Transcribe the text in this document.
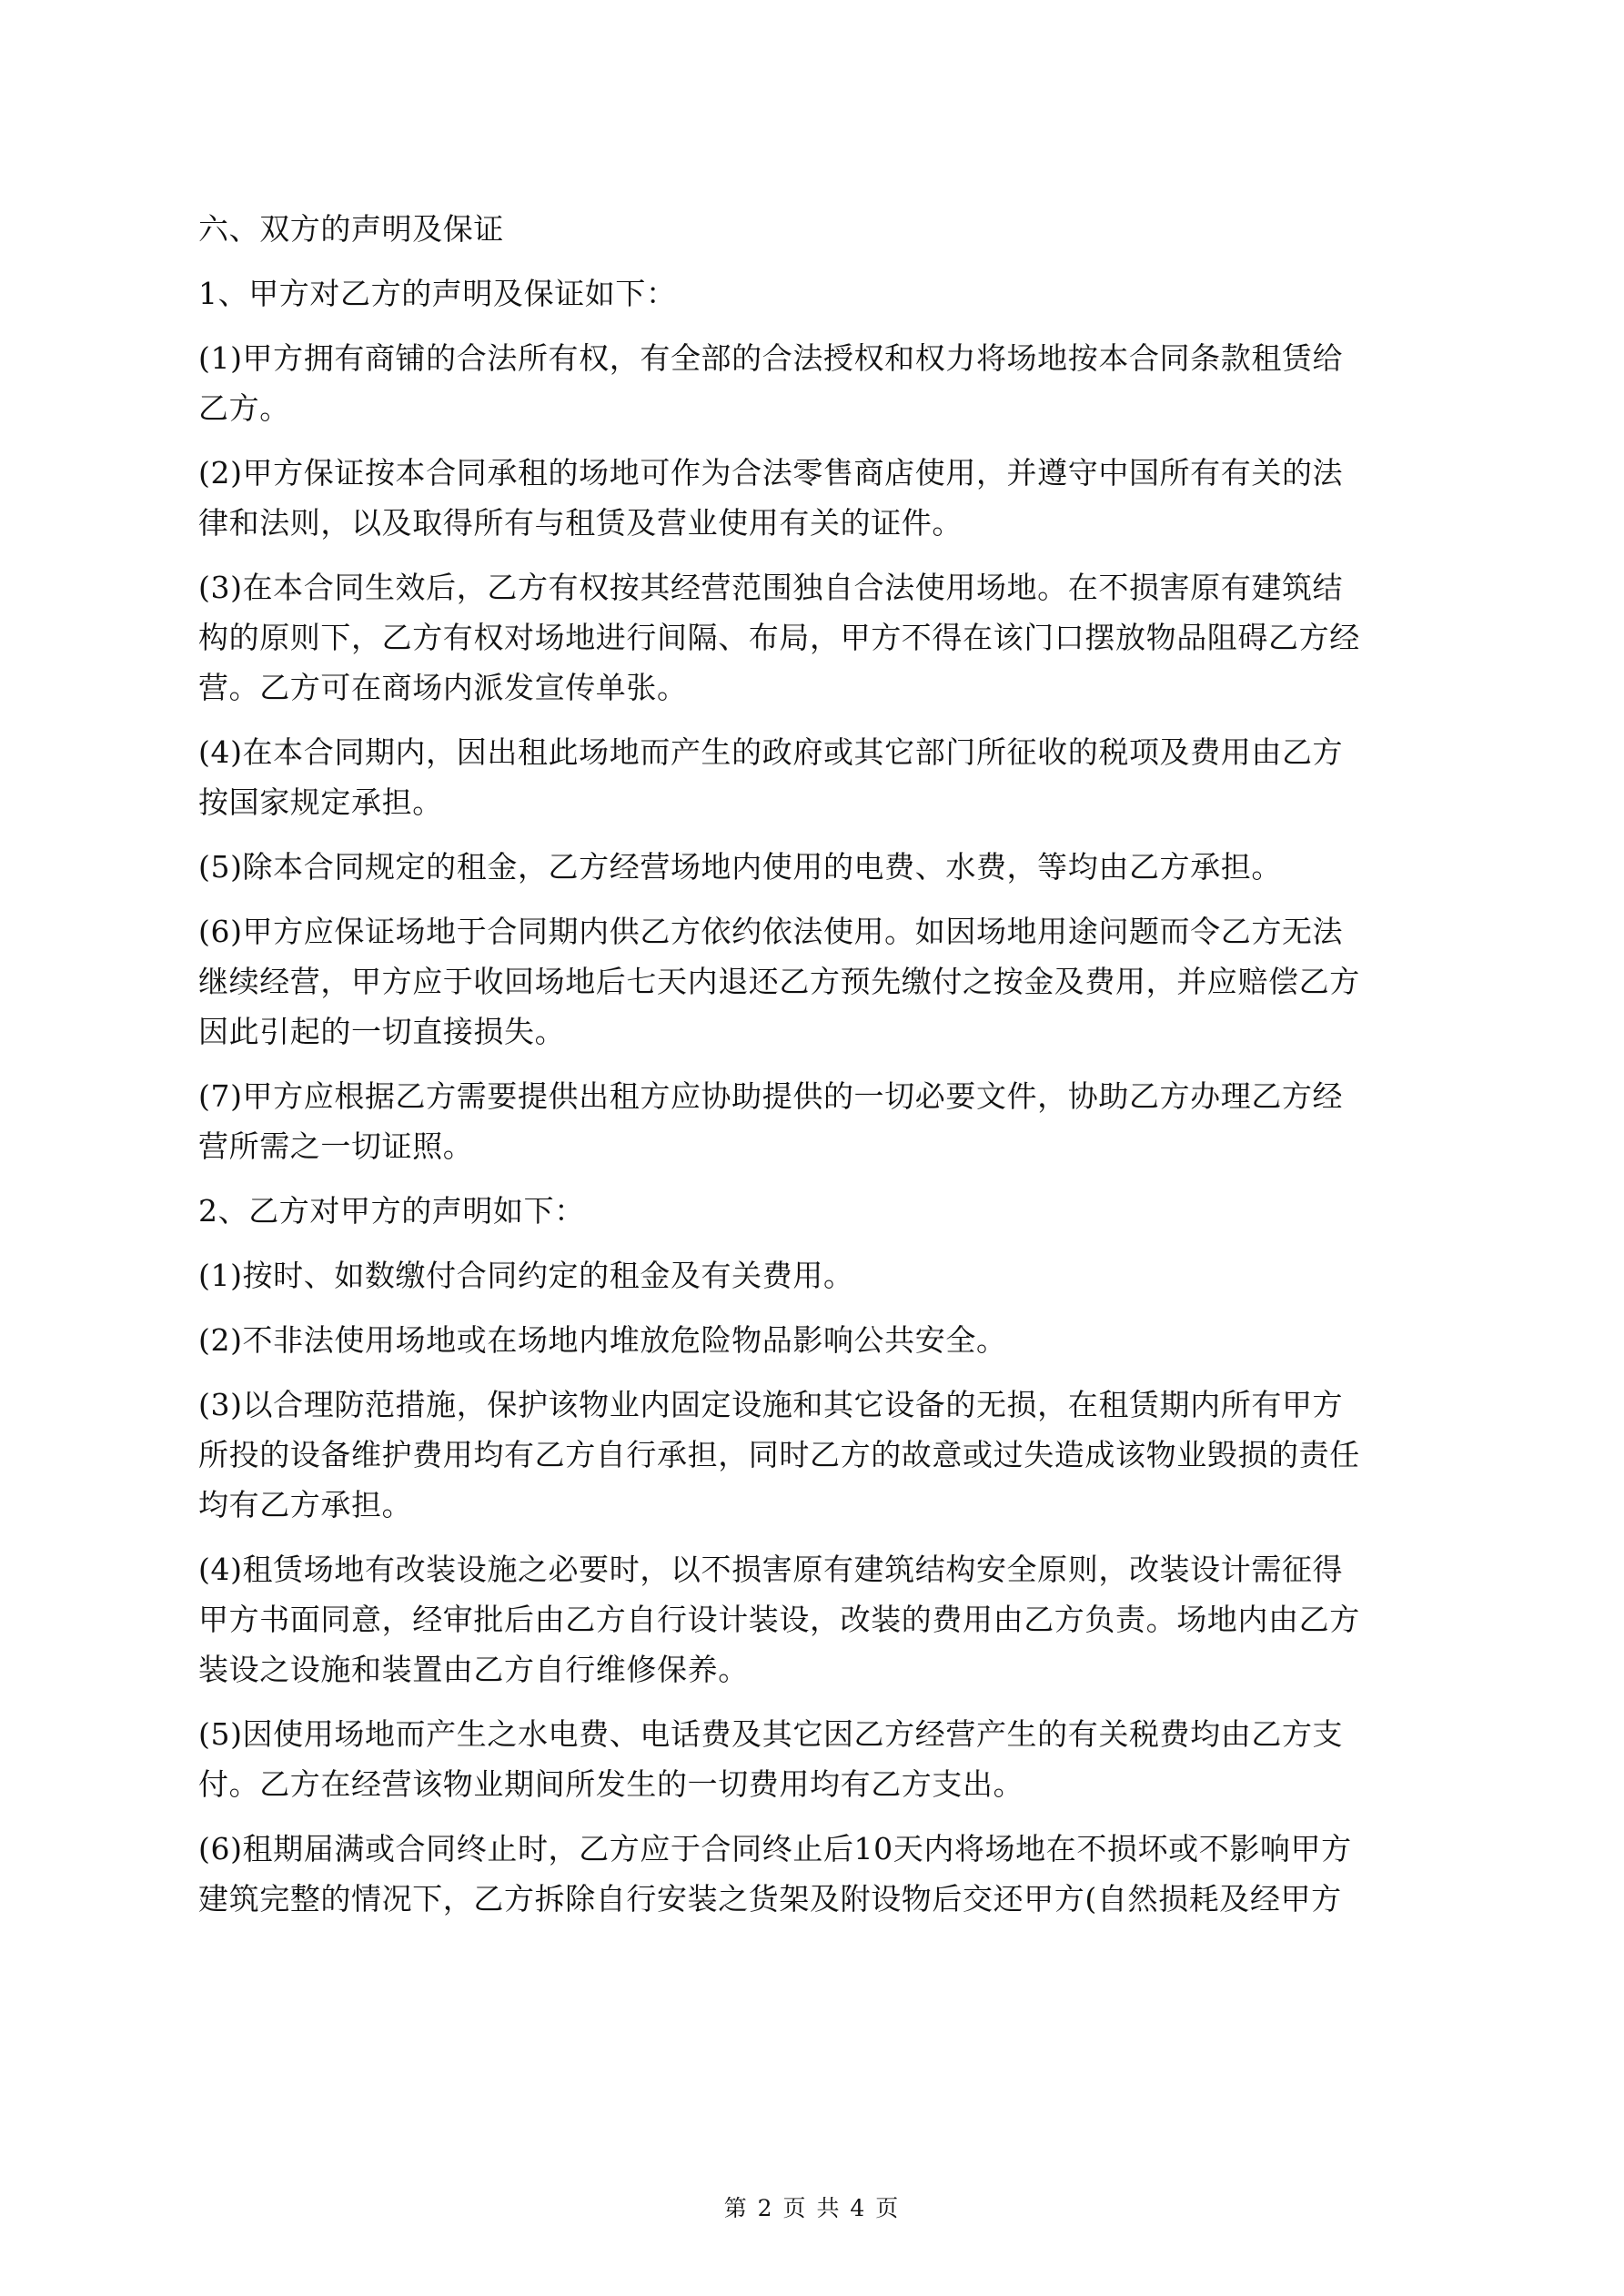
六、双方的声明及保证
1、甲方对乙方的声明及保证如下：
(1)甲方拥有商铺的合法所有权，有全部的合法授权和权力将场地按本合同条款租赁给
乙方。
(2)甲方保证按本合同承租的场地可作为合法零售商店使用，并遵守中国所有有关的法
律和法则，以及取得所有与租赁及营业使用有关的证件。
(3)在本合同生效后，乙方有权按其经营范围独自合法使用场地。在不损害原有建筑结
构的原则下，乙方有权对场地进行间隔、布局，甲方不得在该门口摆放物品阻碍乙方经
营。乙方可在商场内派发宣传单张。
(4)在本合同期内，因出租此场地而产生的政府或其它部门所征收的税项及费用由乙方
按国家规定承担。
(5)除本合同规定的租金，乙方经营场地内使用的电费、水费，等均由乙方承担。
(6)甲方应保证场地于合同期内供乙方依约依法使用。如因场地用途问题而令乙方无法
继续经营，甲方应于收回场地后七天内退还乙方预先缴付之按金及费用，并应赔偿乙方
因此引起的一切直接损失。
(7)甲方应根据乙方需要提供出租方应协助提供的一切必要文件，协助乙方办理乙方经
营所需之一切证照。
2、乙方对甲方的声明如下：
(1)按时、如数缴付合同约定的租金及有关费用。
(2)不非法使用场地或在场地内堆放危险物品影响公共安全。
(3)以合理防范措施，保护该物业内固定设施和其它设备的无损，在租赁期内所有甲方
所投的设备维护费用均有乙方自行承担，同时乙方的故意或过失造成该物业毁损的责任
均有乙方承担。
(4)租赁场地有改装设施之必要时，以不损害原有建筑结构安全原则，改装设计需征得
甲方书面同意，经审批后由乙方自行设计装设，改装的费用由乙方负责。场地内由乙方
装设之设施和装置由乙方自行维修保养。
(5)因使用场地而产生之水电费、电话费及其它因乙方经营产生的有关税费均由乙方支
付。乙方在经营该物业期间所发生的一切费用均有乙方支出。
(6)租期届满或合同终止时，乙方应于合同终止后10天内将场地在不损坏或不影响甲方
建筑完整的情况下，乙方拆除自行安装之货架及附设物后交还甲方(自然损耗及经甲方
第 2 页 共 4 页
